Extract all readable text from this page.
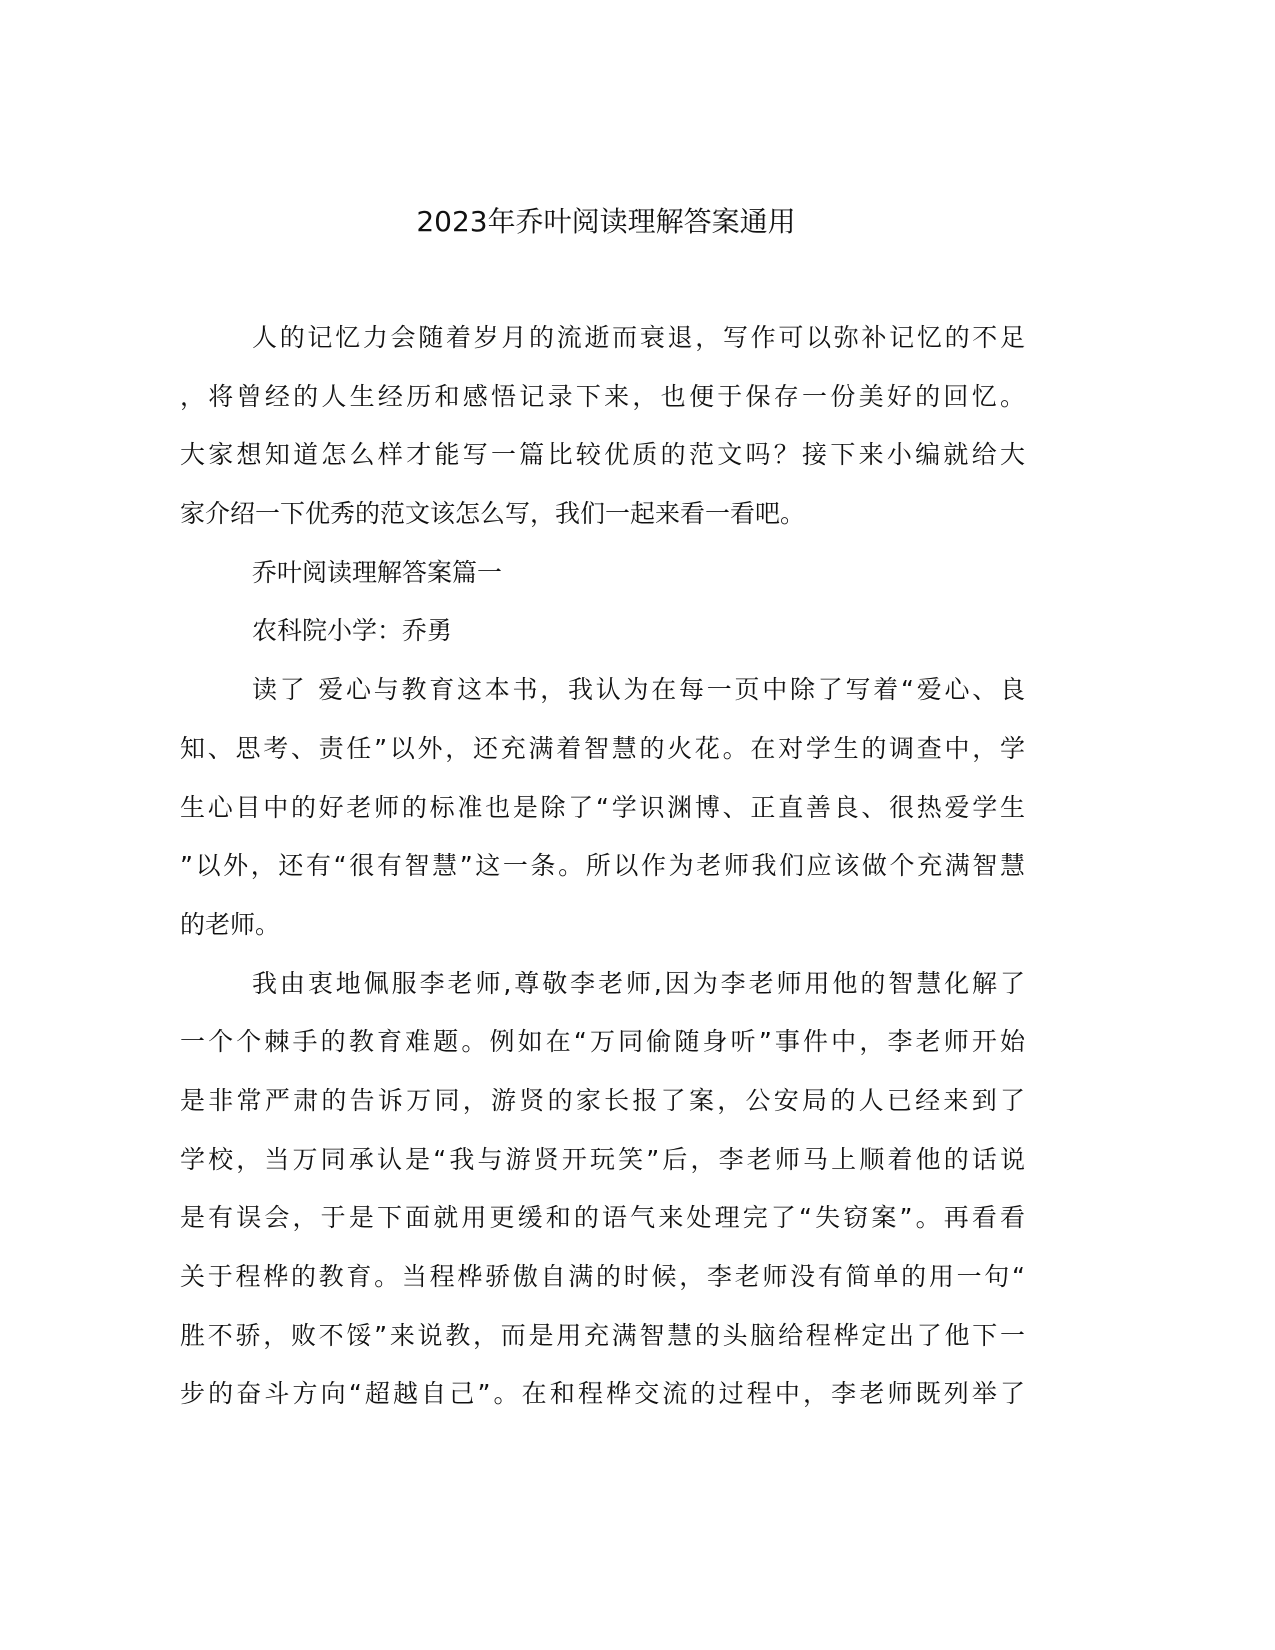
2023年乔叶阅读理解答案通用
人的记忆力会随着岁月的流逝而衰退，写作可以弥补记忆的不足
，将曾经的人生经历和感悟记录下来，也便于保存一份美好的回忆。
大家想知道怎么样才能写一篇比较优质的范文吗？接下来小编就给大
家介绍一下优秀的范文该怎么写，我们一起来看一看吧。
乔叶阅读理解答案篇一
农科院小学：乔勇
读了 爱心与教育这本书，我认为在每一页中除了写着“爱心、良
知、思考、责任”以外，还充满着智慧的火花。在对学生的调查中，学
生心目中的好老师的标准也是除了“学识渊博、正直善良、很热爱学生
”以外，还有“很有智慧”这一条。所以作为老师我们应该做个充满智慧
的老师。
我由衷地佩服李老师,尊敬李老师,因为李老师用他的智慧化解了
一个个棘手的教育难题。例如在“万同偷随身听”事件中，李老师开始
是非常严肃的告诉万同，游贤的家长报了案，公安局的人已经来到了
学校，当万同承认是“我与游贤开玩笑”后，李老师马上顺着他的话说
是有误会，于是下面就用更缓和的语气来处理完了“失窃案”。再看看
关于程桦的教育。当程桦骄傲自满的时候，李老师没有简单的用一句“
胜不骄，败不馁”来说教，而是用充满智慧的头脑给程桦定出了他下一
步的奋斗方向“超越自己”。在和程桦交流的过程中，李老师既列举了
